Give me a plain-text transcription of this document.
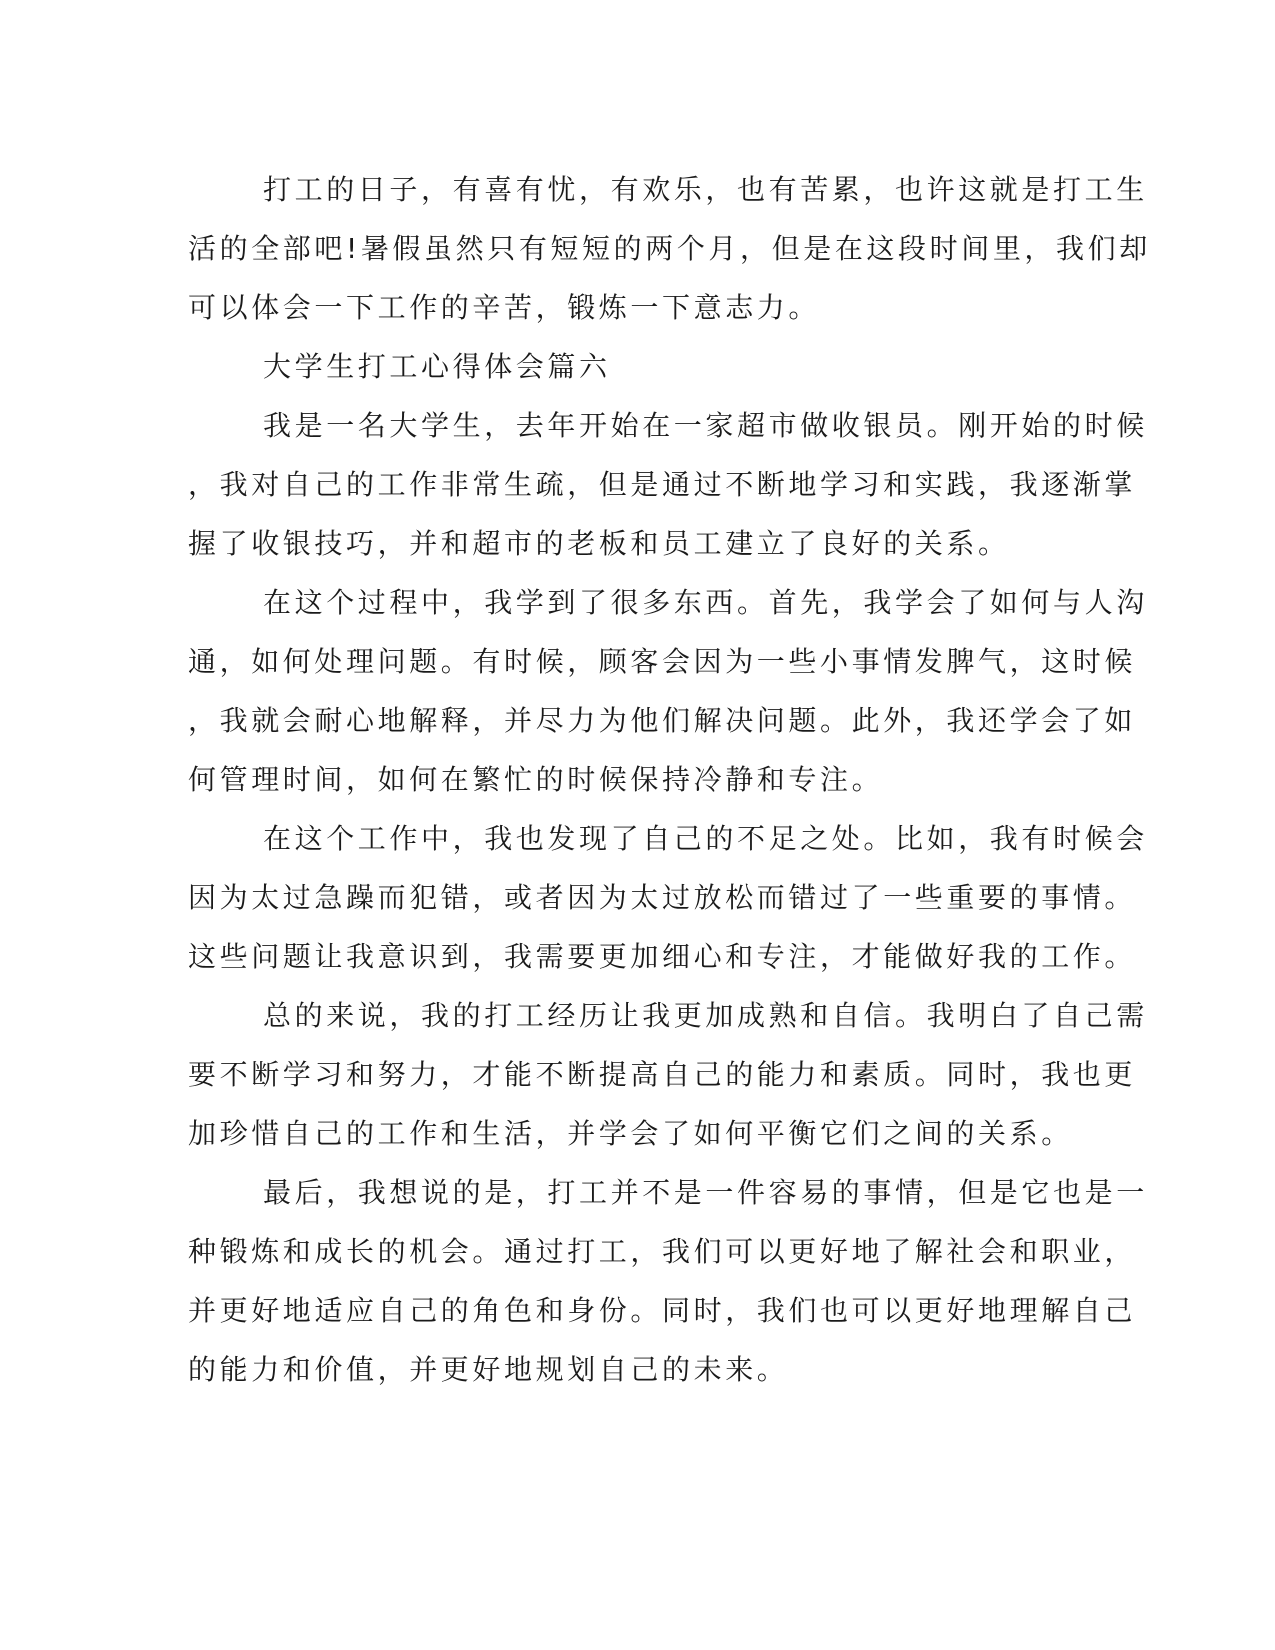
打工的日子，有喜有忧，有欢乐，也有苦累，也许这就是打工生
活的全部吧!暑假虽然只有短短的两个月，但是在这段时间里，我们却
可以体会一下工作的辛苦，锻炼一下意志力。
大学生打工心得体会篇六
我是一名大学生，去年开始在一家超市做收银员。刚开始的时候
，我对自己的工作非常生疏，但是通过不断地学习和实践，我逐渐掌
握了收银技巧，并和超市的老板和员工建立了良好的关系。
在这个过程中，我学到了很多东西。首先，我学会了如何与人沟
通，如何处理问题。有时候，顾客会因为一些小事情发脾气，这时候
，我就会耐心地解释，并尽力为他们解决问题。此外，我还学会了如
何管理时间，如何在繁忙的时候保持冷静和专注。
在这个工作中，我也发现了自己的不足之处。比如，我有时候会
因为太过急躁而犯错，或者因为太过放松而错过了一些重要的事情。
这些问题让我意识到，我需要更加细心和专注，才能做好我的工作。
总的来说，我的打工经历让我更加成熟和自信。我明白了自己需
要不断学习和努力，才能不断提高自己的能力和素质。同时，我也更
加珍惜自己的工作和生活，并学会了如何平衡它们之间的关系。
最后，我想说的是，打工并不是一件容易的事情，但是它也是一
种锻炼和成长的机会。通过打工，我们可以更好地了解社会和职业，
并更好地适应自己的角色和身份。同时，我们也可以更好地理解自己
的能力和价值，并更好地规划自己的未来。
